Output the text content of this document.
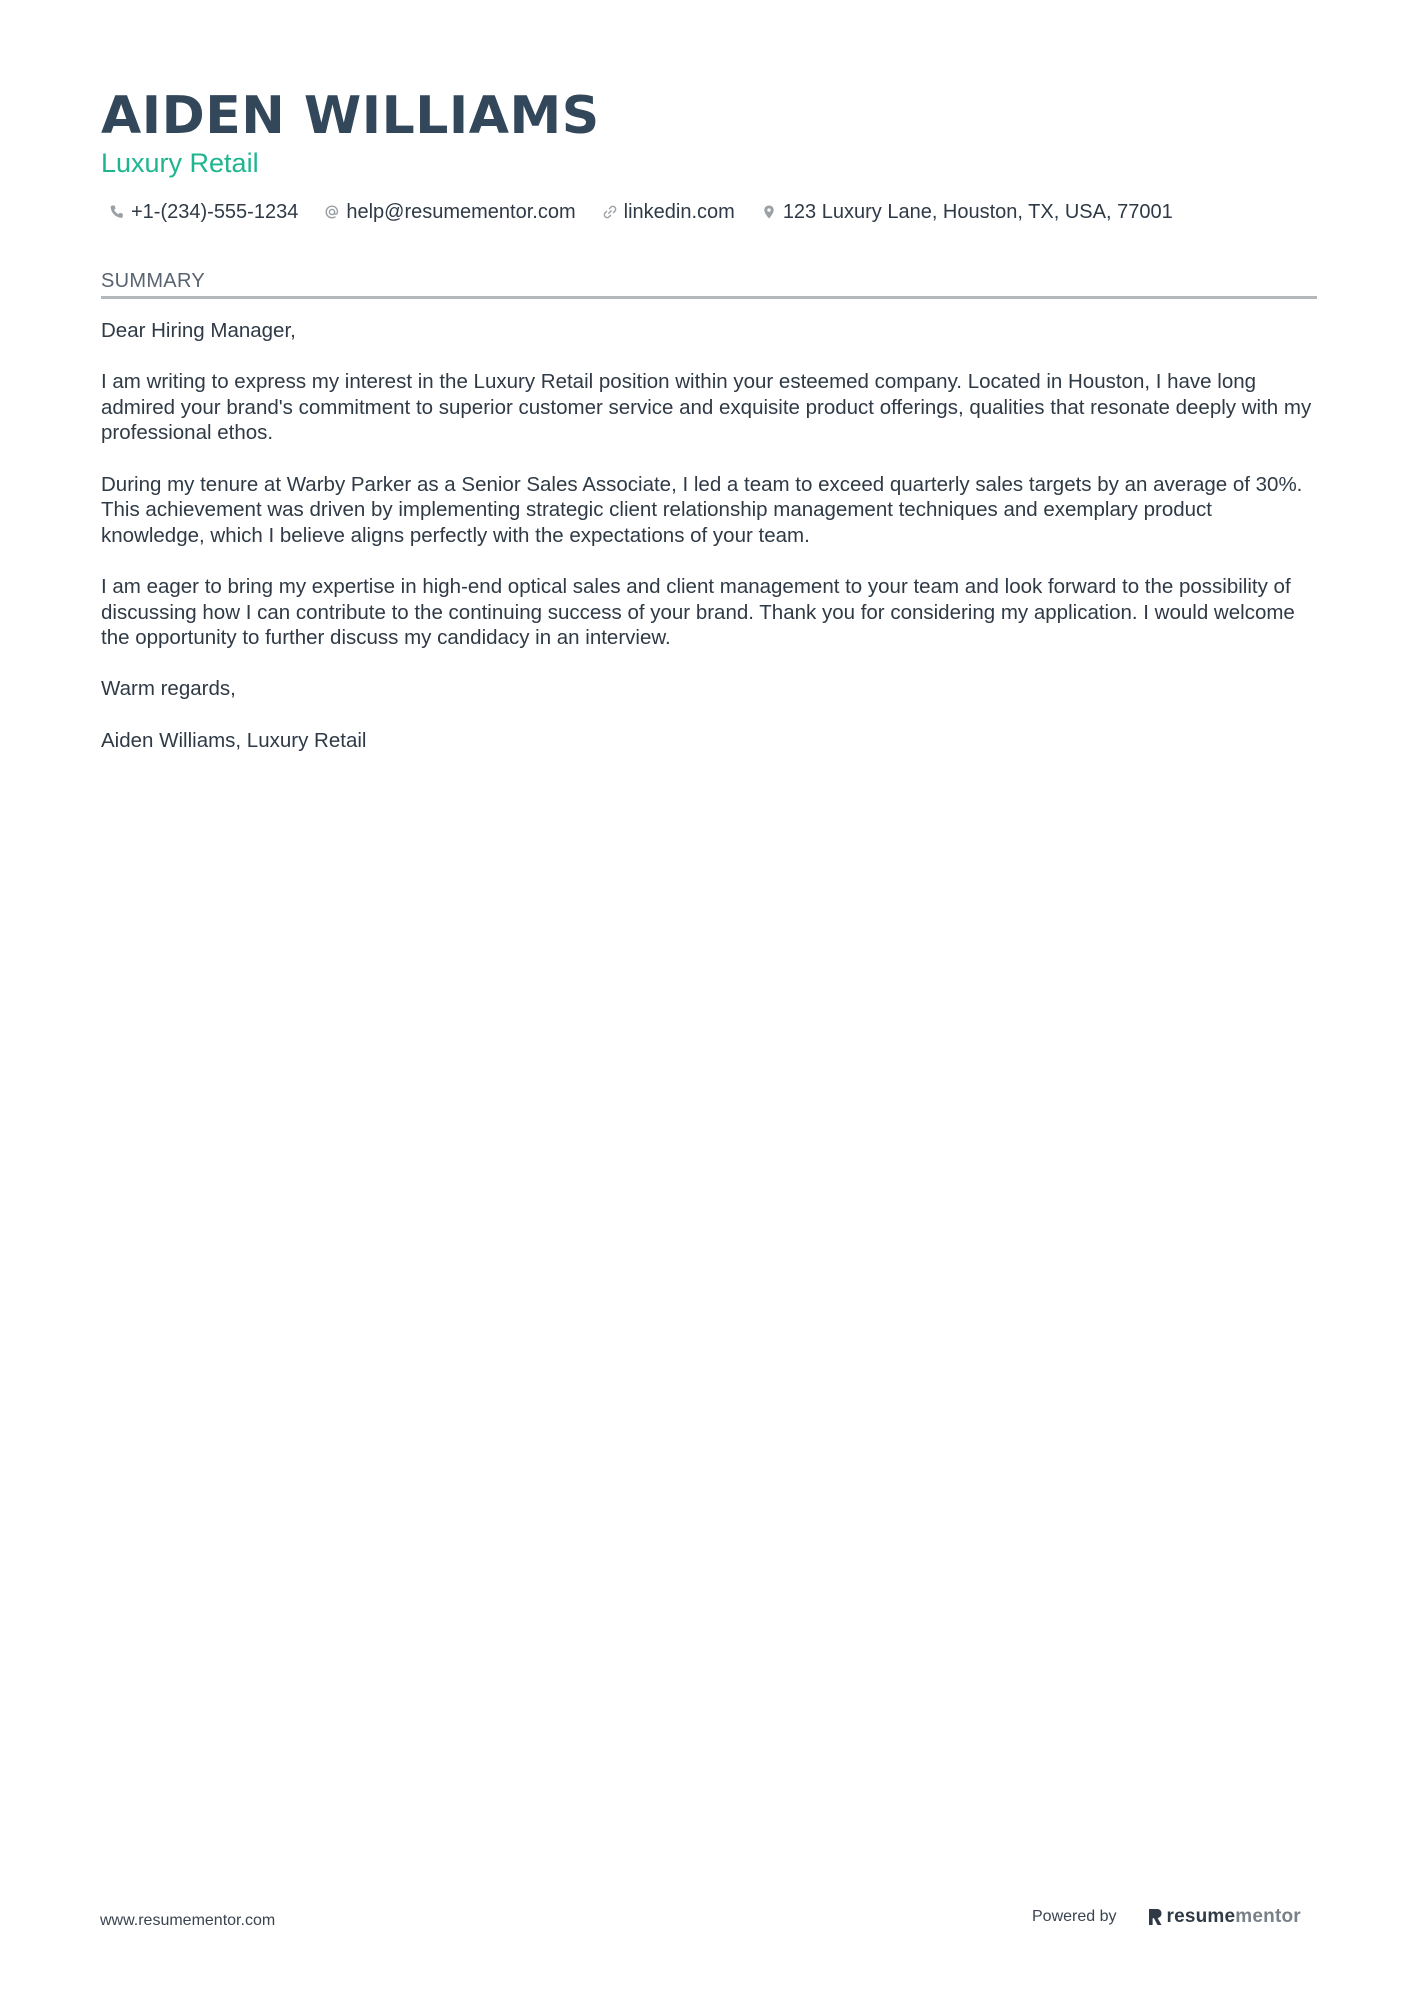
AIDEN WILLIAMS
Luxury Retail
+1-(234)-555-1234 help@resumementor.com linkedin.com 123 Luxury Lane, Houston, TX, USA, 77001
SUMMARY

Dear Hiring Manager,

I am writing to express my interest in the Luxury Retail position within your esteemed company. Located in Houston, I have long admired your brand's commitment to superior customer service and exquisite product offerings, qualities that resonate deeply with my professional ethos.

During my tenure at Warby Parker as a Senior Sales Associate, I led a team to exceed quarterly sales targets by an average of 30%. This achievement was driven by implementing strategic client relationship management techniques and exemplary product knowledge, which I believe aligns perfectly with the expectations of your team.

I am eager to bring my expertise in high-end optical sales and client management to your team and look forward to the possibility of discussing how I can contribute to the continuing success of your brand. Thank you for considering my application. I would welcome the opportunity to further discuss my candidacy in an interview.

Warm regards,

Aiden Williams, Luxury Retail

www.resumementor.com	Powered by	resume mentor
